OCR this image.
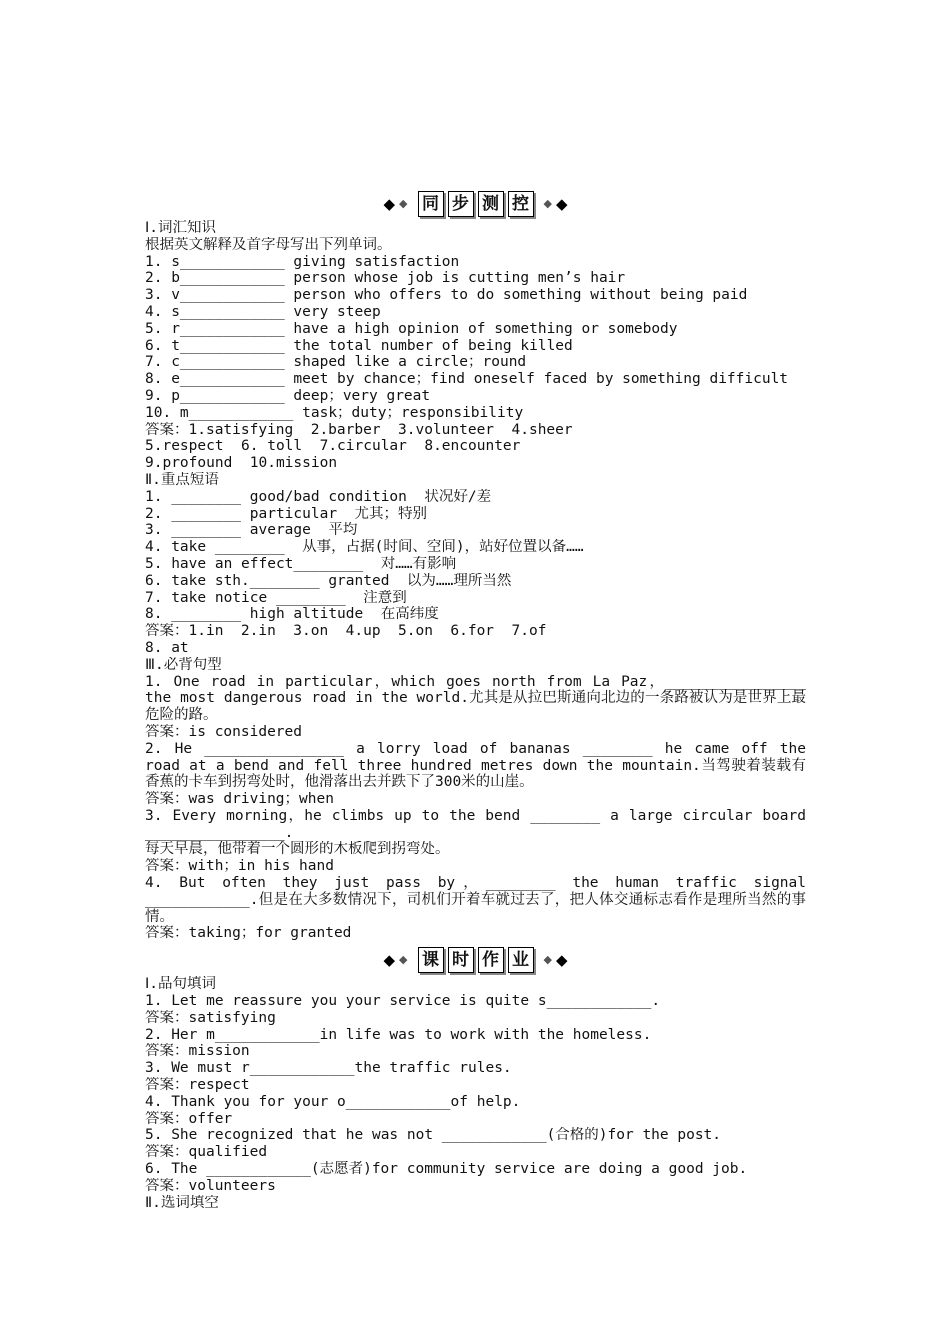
◆ ◆ 同 步 测 控	◆ ◆
Ⅰ.词汇知识
根据英文解释及首字母写出下列单词。
1. s____________ giving satisfaction
2. b____________ person whose job is cutting men’s hair
3. v____________ person who offers to do something without being paid
4. s____________ very steep
5. r____________ have a high opinion of something or somebody
6. t____________ the total number of being killed
7. c____________ shaped like a circle；round
8. e____________ meet by chance；find oneself faced by something difficult
9. p____________ deep；very great
10. m____________ task；duty；responsibility
答案：1.satisfying  2.barber  3.volunteer  4.sheer
5.respect  6. toll  7.circular  8.encounter
9.profound  10.mission
Ⅱ.重点短语
1. ________ good/bad condition  状况好/差
2. ________ particular  尤其；特别
3. ________ average  平均
4. take ________  从事，占据(时间、空间)，站好位置以备……
5. have an effect________  对……有影响
6. take sth.________ granted  以为……理所当然
7. take notice ________  注意到
8. ________ high altitude  在高纬度
答案：1.in  2.in  3.on  4.up  5.on  6.for  7.of
8. at
Ⅲ.必背句型
1. One road in particular，which goes north from La Paz，________________ the most dangerous road in the world.尤其是从拉巴斯通向北边的一条路被认为是世界上最危险的路。
答案：is considered
2. He ________________ a lorry load of bananas ________ he came off the road at a bend and fell three hundred metres down the mountain.当驾驶着装载有香蕉的卡车到拐弯处时，他滑落出去并跌下了300米的山崖。
答案：was driving；when
3. Every morning，he climbs up to the bend ________ a large circular board
________________.
每天早晨，他带着一个圆形的木板爬到拐弯处。
答案：with；in his hand
4. But often they just pass by，________ the human traffic signal
____________.但是在大多数情况下，司机们开着车就过去了，把人体交通标志看作是理所当然的事情。
答案：taking；for granted
◆ ◆ 课 时 作 业	◆ ◆
Ⅰ.品句填词
1. Let me reassure you your service is quite s____________.
答案：satisfying
2. Her m____________in life was to work with the homeless.
答案：mission
3. We must r____________the traffic rules.
答案：respect
4. Thank you for your o____________of help.
答案：offer
5. She recognized that he was not ____________(合格的)for the post.
答案：qualified
6. The ____________(志愿者)for community service are doing a good job.
答案：volunteers
Ⅱ.选词填空
